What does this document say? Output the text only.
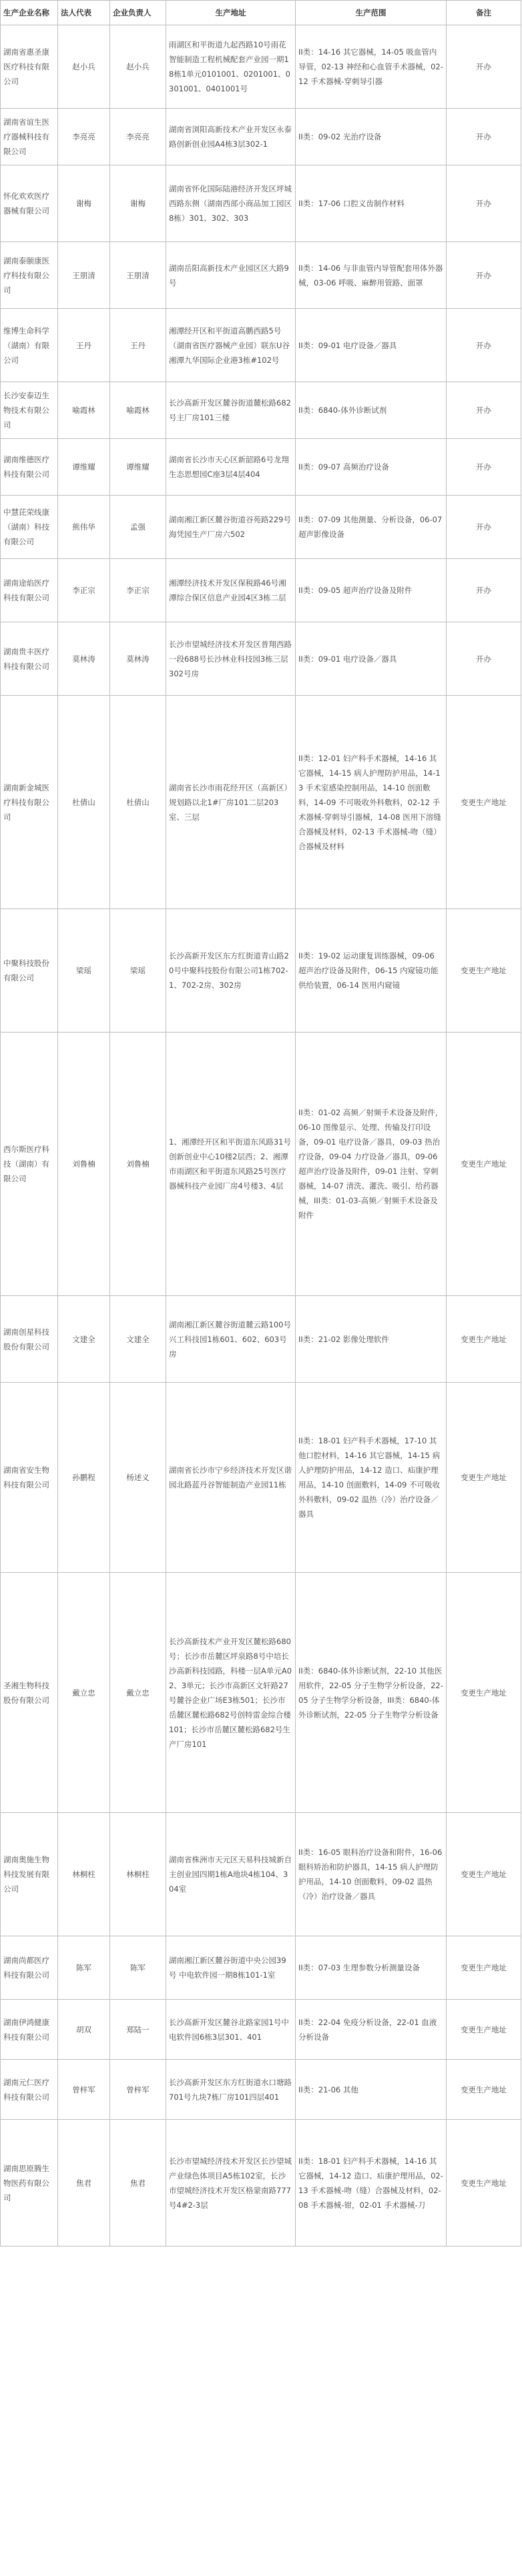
生产企业名称	法人代表	企业负责人	生产地址	生产范围	备注
湖南省惠圣康医疗科技有限公司	赵小兵	赵小兵	雨湖区和平街道九起西路10号雨花智能制造工程机械配套产业园一期18栋1单元0101001、0201001、0301001、0401001号	II类：14-16 其它器械，14-05 吸血管内导管，02-13 神经和心血管手术器械，02-12 手术器械-穿刺导引器	开办
湖南省谊生医疗器械科技有限公司	李亮亮	李亮亮	湖南省浏阳高新技术产业开发区永泰路创新创业园A4栋3层302-1	II类：09-02 光治疗设备	开办
怀化欢欢医疗器械有限公司	谢梅	谢梅	湖南省怀化国际陆港经济开发区坪城西路东侧（湖南西部小商品加工园区8栋）301、302、303	II类：17-06 口腔义齿制作材料	开办
湖南泰颐康医疗科技有限公司	王朋清	王朋清	湖南岳阳高新技术产业园区区大路9号	II类：14-06 与非血管内导管配套用体外器械，03-06 呼吸、麻醉用管路、面罩	开办
维博生命科学（湖南）有限公司	王丹	王丹	湘潭经开区和平街道高鹏西路5号（湖南省医疗器械产业园）联东U谷湘潭九华国际企业港3栋#102号	II类：09-01 电疗设备／器具	开办
长沙安泰迈生物技术有限公司	喻霞林	喻霞林	长沙高新开发区麓谷街道麓松路682号主厂房101三楼	II类：6840-体外诊断试剂	开办
湖南维德医疗科技有限公司	谭维耀	谭维耀	湖南省长沙市天心区新韶路6号龙翔生态思想园C座3层4层404	II类：09-07 高频治疗设备	开办
中慧芘荣线康（湖南）科技有限公司	熊伟华	孟强	湖南湘江新区麓谷街道谷苑路229号海凭园生产厂房六502	II类：07-09 其他测量、分析设备，06-07超声影像设备	开办
湖南途焰医疗科技有限公司	李正宗	李正宗	湘潭经济技术开发区保税路46号湘潭综合保区信息产业园4区3栋二层	II类：09-05 超声治疗设备及附件	开办
湖南贵丰医疗科技有限公司	莫林涛	莫林涛	长沙市望城经济技术开发区普翔西路一段688号长沙林业科技园3栋三层302号房	II类：09-01 电疗设备／器具	开办
湖南新金城医疗科技有限公司	杜倩山	杜倩山	湖南省长沙市雨花经开区（高新区）规划路以北1#厂房101二层203室、三层	II类：12-01 妇产科手术器械，14-16 其它器械，14-15 病人护理防护用品，14-13 手术室感染控制用品，14-10 创面敷料，14-09 不可吸收外科敷料，02-12 手术器械-穿刺导引器械，14-08 医用下溶缝合器械及材料，02-13 手术器械-吻（缝）合器械及材料	变更生产地址
中聚科技股份有限公司	梁瑶	梁瑶	长沙高新开发区东方红街道青山路20号中聚科技股份有限公司1栋702-1、702-2房、302房	II类：19-02 运动康复训练器械，09-06 超声治疗设备及附件，06-15 内窥镜功能供给装置，06-14 医用内窥镜	变更生产地址
西尔斯医疗科技（湖南）有限公司	刘鲁楠	刘鲁楠	1、湘潭经开区和平街道东风路31号创新创业中心10楼2层西；2、湘潭市雨湖区和平街道东风路25号医疗器械科技产业园厂房4号楼3、4层	II类：01-02 高频／射频手术设备及附件，06-10 图像显示、处理、传输及打印设备，09-01 电疗设备／器具，09-03 热治疗设备，09-04 力疗设备／器具，09-06 超声治疗设备及附件，09-01 注射、穿刺器械，14-07 清洗、灌洗、吸引、给药器械，III类：01-03-高频／射频手术设备及附件	变更生产地址
湖南创星科技股份有限公司	文建全	文建全	湖南湘江新区麓谷街道麓云路100号兴工科技园1栋601、602、603号房	II类：21-02 影像处理软件	变更生产地址
湖南省安生物科技有限公司	孙鹏程	杨述义	湖南省长沙市宁乡经济技术开发区谐园北路蓝丹谷智能制造产业园11栋	II类：18-01 妇产科手术器械，17-10 其他口腔材料，14-16 其它器械，14-15 病人护理防护用品，14-12 造口、疝康护理用品，14-10 创面敷料，14-09 不可吸收外科敷料，09-02 温热（冷）治疗设备／器具	变更生产地址
圣湘生物科技股份有限公司	戴立忠	戴立忠	长沙高新技术产业开发区麓松路680号；长沙市岳麓区坪泉路8号中培长沙高新科技园路，科楼一层A单元A02、3单元；长沙市高新区文轩路27号麓谷企业广场E3栋501；长沙市岳麓区麓松路682号创特雷金综合楼101；长沙市岳麓区麓松路682号生产厂房101	II类：6840-体外诊断试剂，22-10 其他医用软件，22-05 分子生物学分析设备，22-05 分子生物学分析设备，III类：6840-体外诊断试剂，22-05 分子生物学分析设备	变更生产地址
湖南奥施生物科技发展有限公司	林桐柱	林桐柱	湖南省株洲市天元区天易科技城新自主创业园四期1栋A地块4栋104、304室	II类：16-05 眼科治疗设备和附件，16-06 眼科矫治和防护器具，14-15 病人护理防护用品，14-10 创面敷料，09-02 温热（冷）治疗设备／器具	变更生产地址
湖南尚都医疗科技有限公司	陈军	陈军	湖南湘江新区麓谷街道中央公园39号 中电软件园一期8栋101-1室	II类：07-03 生理参数分析测量设备	变更生产地址
湖南伊鸿健康科技有限公司	胡双	郑陆一	长沙高新开发区麓谷北路家园1号中电软件园6栋3层301、401	II类：22-04 免疫分析设备，22-01 血液分析设备	变更生产地址
湖南元仁医疗科技有限公司	曾梓军	曾梓军	长沙高新开发区东方红街道水口塘路701号九块7栋厂房101四层401	II类：21-06 其他	变更生产地址
湖南思原腾生物医药有限公司	焦君	焦君	长沙市望城经济技术开发区长沙望城产业绿色体项目A5栋102室，长沙市望城经济技术开发区格蒙南路777号4#2-3层	II类：18-01 妇产科手术器械，14-16 其它器械，14-12 造口、疝康护理用品，02-13 手术器械-吻（缝）合器械及材料，02-08 手术器械-钳，02-01 手术器械-刀	变更生产地址
